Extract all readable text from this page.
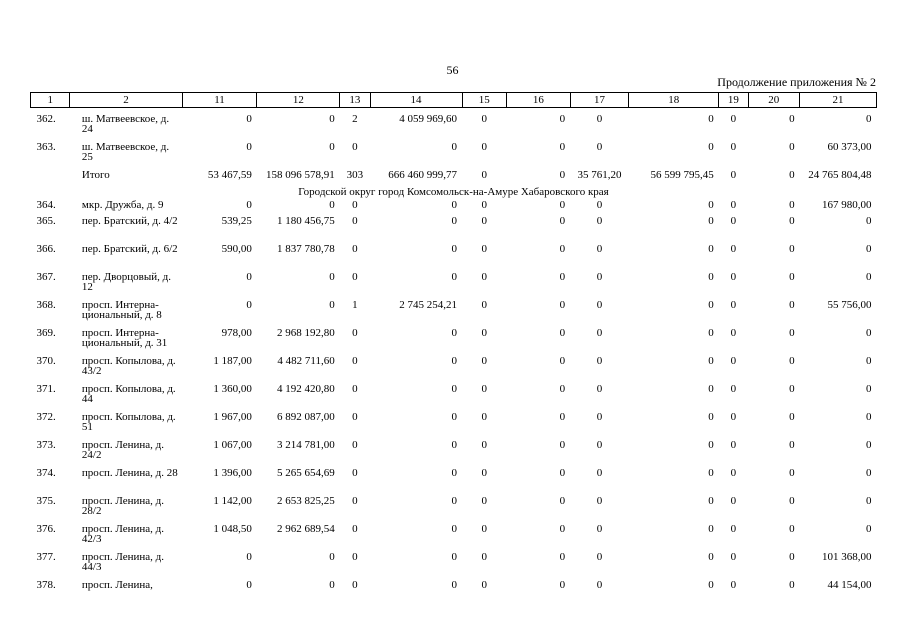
56
Продолжение приложения № 2
1	2	11	12	13	14	15	16	17	18	19	20	21

362.	ш. Матвеевское, д. 24	0	0	2	4 059 969,60	0	0	0	0	0	0	0
363.	ш. Матвеевское, д. 25	0	0	0	0	0	0	0	0	0	0	60 373,00
	Итого	53 467,59	158 096 578,91	303	666 460 999,77	0	0	35 761,20	56 599 795,45	0	0	24 765 804,48
Городской округ город Комсомольск-на-Амуре Хабаровского края												
364.	мкр. Дружба, д. 9	0	0	0	0	0	0	0	0	0	0	167 980,00
365.	пер. Братский, д. 4/2	539,25	1 180 456,75	0	0	0	0	0	0	0	0	0
366.	пер. Братский, д. 6/2	590,00	1 837 780,78	0	0	0	0	0	0	0	0	0
367.	пер. Дворцовый, д. 12	0	0	0	0	0	0	0	0	0	0	0
368.	просп. Интерна-циональный, д. 8	0	0	1	2 745 254,21	0	0	0	0	0	0	55 756,00
369.	просп. Интерна-циональный, д. 31	978,00	2 968 192,80	0	0	0	0	0	0	0	0	0
370.	просп. Копылова, д. 43/2	1 187,00	4 482 711,60	0	0	0	0	0	0	0	0	0
371.	просп. Копылова, д. 44	1 360,00	4 192 420,80	0	0	0	0	0	0	0	0	0
372.	просп. Копылова, д. 51	1 967,00	6 892 087,00	0	0	0	0	0	0	0	0	0
373.	просп. Ленина, д. 24/2	1 067,00	3 214 781,00	0	0	0	0	0	0	0	0	0
374.	просп. Ленина, д. 28	1 396,00	5 265 654,69	0	0	0	0	0	0	0	0	0
375.	просп. Ленина, д. 28/2	1 142,00	2 653 825,25	0	0	0	0	0	0	0	0	0
376.	просп. Ленина, д. 42/3	1 048,50	2 962 689,54	0	0	0	0	0	0	0	0	0
377.	просп. Ленина, д. 44/3	0	0	0	0	0	0	0	0	0	0	101 368,00
378.	просп. Ленина,	0	0	0	0	0	0	0	0	0	0	44 154,00
